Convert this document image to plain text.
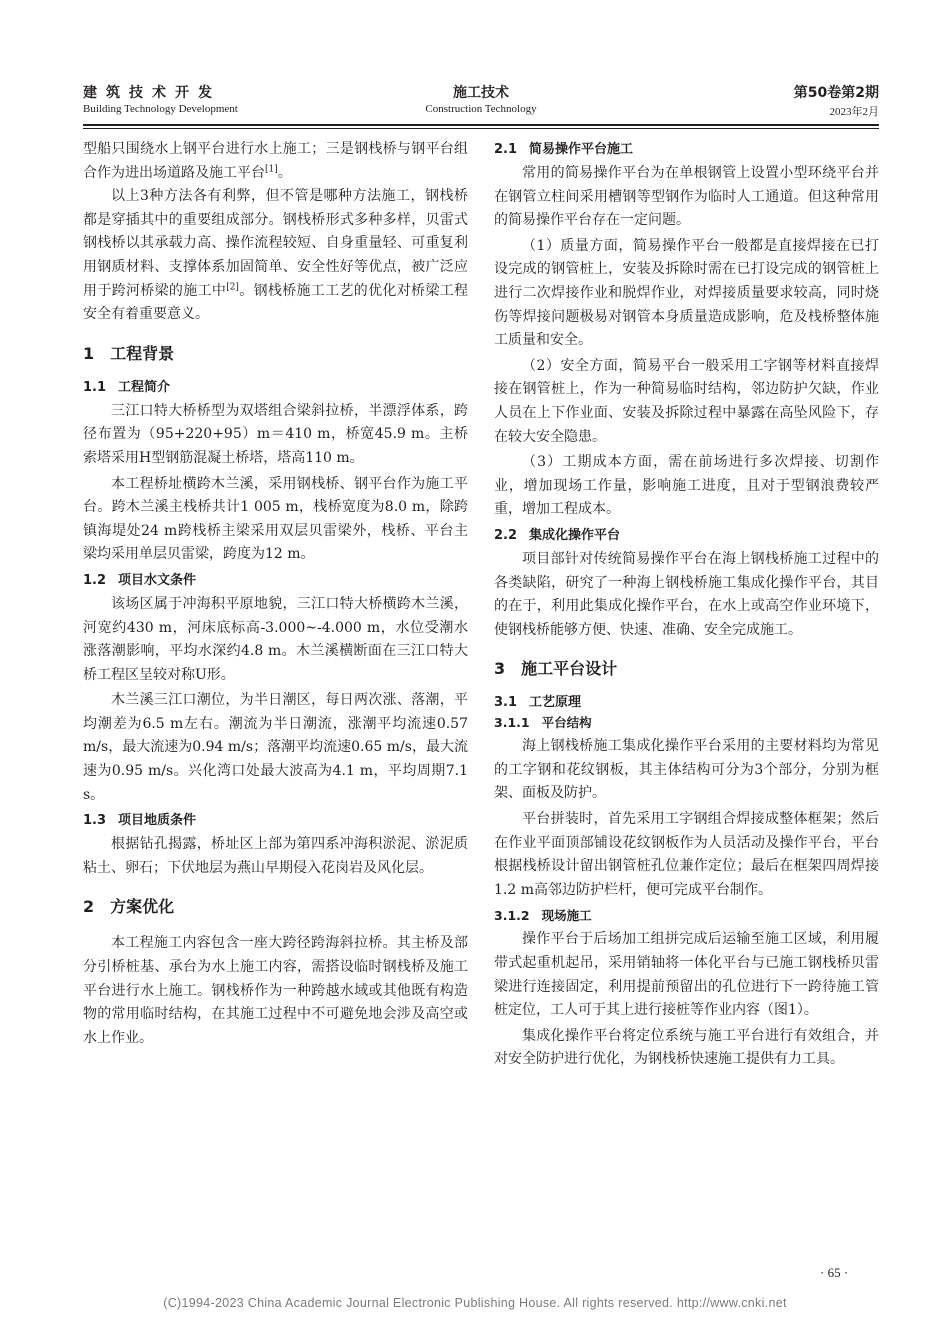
建筑技术开发
Building Technology Development
施工技术
Construction Technology
第50卷第2期
2023年2月

型船只围绕水上钢平台进行水上施工；三是钢栈桥与钢平台组合作为进出场道路及施工平台[1]。

以上3种方法各有利弊，但不管是哪种方法施工，钢栈桥都是穿插其中的重要组成部分。钢栈桥形式多种多样，贝雷式钢栈桥以其承载力高、操作流程较短、自身重量轻、可重复利用钢质材料、支撑体系加固简单、安全性好等优点，被广泛应用于跨河桥梁的施工中[2]。钢栈桥施工工艺的优化对桥梁工程安全有着重要意义。

1 工程背景
1.1 工程简介

三江口特大桥桥型为双塔组合梁斜拉桥，半漂浮体系，跨径布置为（95+220+95）m＝410 m，桥宽45.9 m。主桥索塔采用H型钢筋混凝土桥塔，塔高110 m。

本工程桥址横跨木兰溪，采用钢栈桥、钢平台作为施工平台。跨木兰溪主栈桥共计1 005 m，栈桥宽度为8.0 m，除跨镇海堤处24 m跨栈桥主梁采用双层贝雷梁外，栈桥、平台主梁均采用单层贝雷梁，跨度为12 m。

1.2 项目水文条件

该场区属于冲海积平原地貌，三江口特大桥横跨木兰溪，河宽约430 m，河床底标高-3.000~-4.000 m，水位受潮水涨落潮影响，平均水深约4.8 m。木兰溪横断面在三江口特大桥工程区呈较对称U形。

木兰溪三江口潮位，为半日潮区，每日两次涨、落潮，平均潮差为6.5 m左右。潮流为半日潮流，涨潮平均流速0.57 m/s，最大流速为0.94 m/s；落潮平均流速0.65 m/s，最大流速为0.95 m/s。兴化湾口处最大波高为4.1 m，平均周期7.1 s。

1.3 项目地质条件

根据钻孔揭露，桥址区上部为第四系冲海积淤泥、淤泥质粘土、卵石；下伏地层为燕山早期侵入花岗岩及风化层。

2 方案优化

本工程施工内容包含一座大跨径跨海斜拉桥。其主桥及部分引桥桩基、承台为水上施工内容，需搭设临时钢栈桥及施工平台进行水上施工。钢栈桥作为一种跨越水域或其他既有构造物的常用临时结构，在其施工过程中不可避免地会涉及高空或水上作业。

2.1 简易操作平台施工

常用的简易操作平台为在单根钢管上设置小型环绕平台并在钢管立柱间采用槽钢等型钢作为临时人工通道。但这种常用的简易操作平台存在一定问题。

（1）质量方面，简易操作平台一般都是直接焊接在已打设完成的钢管桩上，安装及拆除时需在已打设完成的钢管桩上进行二次焊接作业和脱焊作业，对焊接质量要求较高，同时烧伤等焊接问题极易对钢管本身质量造成影响，危及栈桥整体施工质量和安全。

（2）安全方面，简易平台一般采用工字钢等材料直接焊接在钢管桩上，作为一种简易临时结构，邻边防护欠缺，作业人员在上下作业面、安装及拆除过程中暴露在高坠风险下，存在较大安全隐患。

（3）工期成本方面，需在前场进行多次焊接、切割作业，增加现场工作量，影响施工进度，且对于型钢浪费较严重，增加工程成本。

2.2 集成化操作平台

项目部针对传统简易操作平台在海上钢栈桥施工过程中的各类缺陷，研究了一种海上钢栈桥施工集成化操作平台，其目的在于，利用此集成化操作平台，在水上或高空作业环境下，使钢栈桥能够方便、快速、准确、安全完成施工。

3 施工平台设计
3.1 工艺原理
3.1.1 平台结构

海上钢栈桥施工集成化操作平台采用的主要材料均为常见的工字钢和花纹钢板，其主体结构可分为3个部分，分别为框架、面板及防护。

平台拼装时，首先采用工字钢组合焊接成整体框架；然后在作业平面顶部铺设花纹钢板作为人员活动及操作平台，平台根据栈桥设计留出钢管桩孔位兼作定位；最后在框架四周焊接1.2 m高邻边防护栏杆，便可完成平台制作。

3.1.2 现场施工

操作平台于后场加工组拼完成后运输至施工区域，利用履带式起重机起吊，采用销轴将一体化平台与已施工钢栈桥贝雷梁进行连接固定，利用提前预留出的孔位进行下一跨待施工管桩定位，工人可于其上进行接桩等作业内容（图1）。

集成化操作平台将定位系统与施工平台进行有效组合，并对安全防护进行优化，为钢栈桥快速施工提供有力工具。

· 65 ·
(C)1994-2023 China Academic Journal Electronic Publishing House. All rights reserved. http://www.cnki.net
